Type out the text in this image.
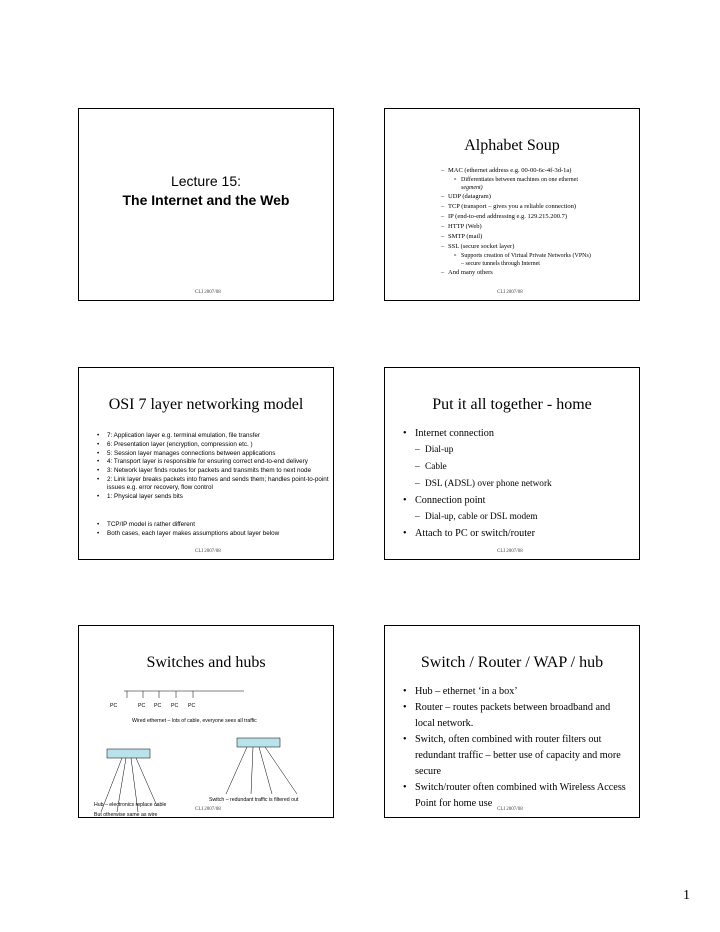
Lecture 15:
The Internet and the Web
CLI 2007/08
Alphabet Soup
– MAC (ethernet address e.g. 00-00-6c-4f-3d-1a)
» Differentiates between machines on one ethernet
segment)
– UDP (datagram)
– TCP (transport – gives you a reliable connection)
– IP (end-to-end addressing e.g. 129.215.200.7)
– HTTP (Web)
– SMTP (mail)
– SSL (secure socket layer)
» Supports creation of Virtual Private Networks (VPNs)
– secure tunnels through Internet
– And many others
CLI 2007/08
OSI 7 layer networking model
• 7: Application layer e.g. terminal emulation, file transfer
• 6: Presentation layer (encryption, compression etc. )
• 5: Session layer manages connections between applications
• 4: Transport layer is responsible for ensuring correct end-to-end delivery
• 3: Network layer finds routes for packets and transmits them to next node
• 2: Link layer breaks packets into frames and sends them; handles point-to-point issues e.g. error recovery, flow control
• 1: Physical layer sends bits
• TCP/IP model is rather different
• Both cases, each layer makes assumptions about layer below
CLI 2007/08
Put it all together - home
• Internet connection
– Dial-up
– Cable
– DSL (ADSL) over phone network
• Connection point
– Dial-up, cable or DSL modem
• Attach to PC or switch/router
CLI 2007/08
Switches and hubs
PC	PC PC PC PC
Wired ethernet – lots of cable, everyone sees all traffic
Switch – redundant traffic is filtered out
Hub – electronics replace cable
But otherwise same as wire
CLI 2007/08
Switch / Router / WAP / hub
• Hub – ethernet ‘in a box’
• Router – routes packets between broadband and local network.
• Switch, often combined with router filters out redundant traffic – better use of capacity and more secure
• Switch/router often combined with Wireless Access Point for home use
CLI 2007/08
1
